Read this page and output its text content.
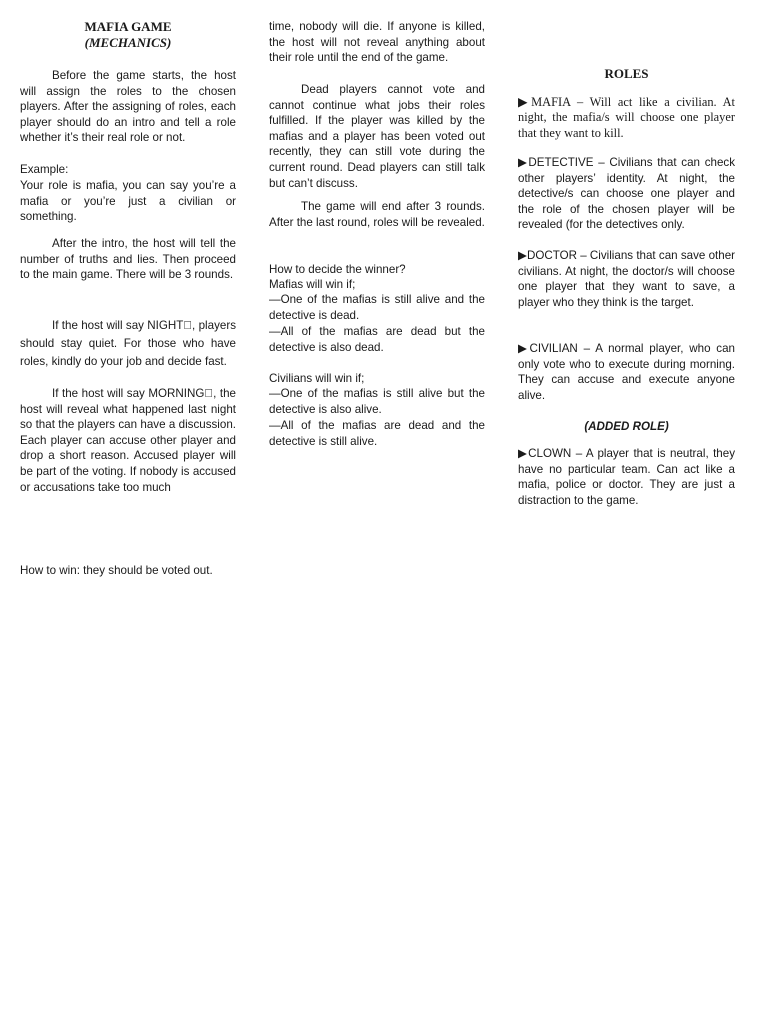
MAFIA GAME
(MECHANICS)

Before the game starts, the host will assign the roles to the chosen players. After the assigning of roles, each player should do an intro and tell a role whether it’s their real role or not.

Example:

Your role is mafia, you can say you’re a mafia or you’re just a civilian or something.

After the intro, the host will tell the number of truths and lies. Then proceed to the main game. There will be 3 rounds.

If the host will say NIGHT , players should stay quiet. For those who have roles, kindly do your job and decide fast.

If the host will say MORNING , the host will reveal what happened last night so that the players can have a discussion. Each player can accuse other player and drop a short reason. Accused player will be part of the voting. If nobody is accused or accusations take too much

How to win: they should be voted out.

time, nobody will die. If anyone is killed, the host will not reveal anything about their role until the end of the game.

Dead players cannot vote and cannot continue what jobs their roles fulfilled. If the player was killed by the mafias and a player has been voted out recently, they can still vote during the current round. Dead players can still talk but can’t discuss.

The game will end after 3 rounds. After the last round, roles will be revealed.

How to decide the winner?
Mafias will win if;

—One of the mafias is still alive and the detective is dead.

—All of the mafias are dead but the detective is also dead.

Civilians will win if;

—One of the mafias is still alive but the detective is also alive.

—All of the mafias are dead and the detective is still alive.

ROLES

▶MAFIA – Will act like a civilian. At night, the mafia/s will choose one player that they want to kill.

▶DETECTIVE – Civilians that can check other players’ identity. At night, the detective/s can choose one player and the role of the chosen player will be revealed (for the detectives only.

▶DOCTOR – Civilians that can save other civilians. At night, the doctor/s will choose one player that they want to save, a player who they think is the target.

▶CIVILIAN – A normal player, who can only vote who to execute during morning. They can accuse and execute anyone alive.

(ADDED ROLE)

▶CLOWN – A player that is neutral, they have no particular team. Can act like a mafia, police or doctor. They are just a distraction to the game.
